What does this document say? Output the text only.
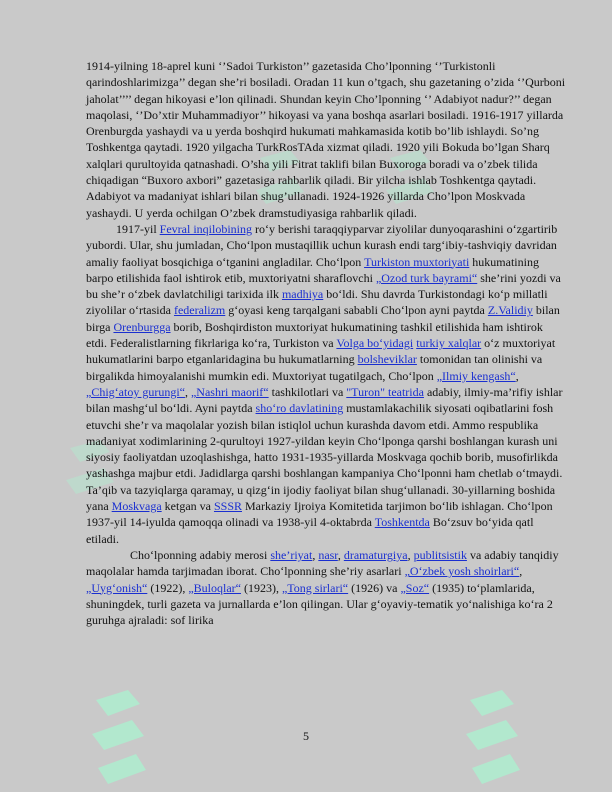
1914-yilning 18-aprel kuni ‘’Sadoi Turkiston’’ gazetasida Cho’lponning ‘’Turkistonli qarindoshlarimizga’’ degan she’ri bosiladi. Oradan 11 kun o’tgach, shu gazetaning o’zida ‘’Qurboni jaholat’’’’ degan hikoyasi e’lon qilinadi. Shundan keyin Cho’lponning ‘’ Adabiyot nadur?’’ degan maqolasi, ‘’Do’xtir Muhammadiyor’’ hikoyasi va yana boshqa asarlari bosiladi. 1916-1917 yillarda Orenburgda yashaydi va u yerda boshqird hukumati mahkamasida kotib bo’lib ishlaydi. So’ng Toshkentga qaytadi. 1920 yilgacha TurkRosTAda xizmat qiladi. 1920 yili Bokuda bo’lgan Sharq xalqlari qurultoyida qatnashadi. O’sha yili Fitrat taklifi bilan Buxoroga boradi va o’zbek tilida chiqadigan “Buxoro axbori” gazetasiga rahbarlik qiladi. Bir yilcha ishlab Toshkentga qaytadi. Adabiyot va madaniyat ishlari bilan shug’ullanadi. 1924-1926 yillarda Cho’lpon Moskvada yashaydi. U yerda ochilgan O’zbek dramstudiyasiga rahbarlik qiladi.

1917-yil Fevral inqilobining ro‘y berishi taraqqiyparvar ziyolilar dunyoqarashini o‘zgartirib yubordi. Ular, shu jumladan, Cho‘lpon mustaqillik uchun kurash endi targ‘ibiy-tashviqiy davridan amaliy faoliyat bosqichiga o‘tganini angladilar. Cho‘lpon Turkiston muxtoriyati hukumatining barpo etilishida faol ishtirok etib, muxtoriyatni sharaflovchi „Ozod turk bayrami“ she’rini yozdi va bu she’r o‘zbek davlatchiligi tarixida ilk madhiya bo‘ldi. Shu davrda Turkistondagi ko‘p millatli ziyolilar o‘rtasida federalizm g‘oyasi keng tarqalgani sababli Cho‘lpon ayni paytda Z.Validiy bilan birga Orenburgga borib, Boshqirdiston muxtoriyat hukumatining tashkil etilishida ham ishtirok etdi. Federalistlarning fikrlariga ko‘ra, Turkiston va Volga bo‘yidagi turkiy xalqlar o‘z muxtoriyat hukumatlarini barpo etganlaridagina bu hukumatlarning bolsheviklar tomonidan tan olinishi va birgalikda himoyalanishi mumkin edi. Muxtoriyat tugatilgach, Cho‘lpon „Ilmiy kengash“, „Chig‘atoy gurungi“, „Nashri maorif“ tashkilotlari va "Turon" teatrida adabiy, ilmiy-ma’rifiy ishlar bilan mashg‘ul bo‘ldi. Ayni paytda sho‘ro davlatining mustamlakachilik siyosati oqibatlarini fosh etuvchi she’r va maqolalar yozish bilan istiqlol uchun kurashda davom etdi. Ammo respublika madaniyat xodimlarining 2-qurultoyi 1927-yildan keyin Cho‘lponga qarshi boshlangan kurash uni siyosiy faoliyatdan uzoqlashishga, hatto 1931-1935-yillarda Moskvaga qochib borib, musofirlikda yashashga majbur etdi. Jadidlarga qarshi boshlangan kampaniya Cho‘lponni ham chetlab o‘tmaydi. Ta’qib va tazyiqlarga qaramay, u qizg‘in ijodiy faoliyat bilan shug‘ullanadi. 30-yillarning boshida yana Moskvaga ketgan va SSSR Markaziy Ijroiya Komitetida tarjimon bo‘lib ishlagan. Cho‘lpon 1937-yil 14-iyulda qamoqqa olinadi va 1938-yil 4-oktabrda Toshkentda Bo‘zsuv bo‘yida qatl etiladi.

Cho‘lponning adabiy merosi she’riyat, nasr, dramaturgiya, publitsistik va adabiy tanqidiy maqolalar hamda tarjimadan iborat. Cho‘lponning she’riy asarlari „O‘zbek yosh shoirlari“, „Uyg‘onish“ (1922), „Buloqlar“ (1923), „Tong sirlari“ (1926) va „Soz“ (1935) to‘plamlarida, shuningdek, turli gazeta va jurnallarda e’lon qilingan. Ular g‘oyaviy-tematik yo‘nalishiga ko‘ra 2 guruhga ajraladi: sof lirika

5
